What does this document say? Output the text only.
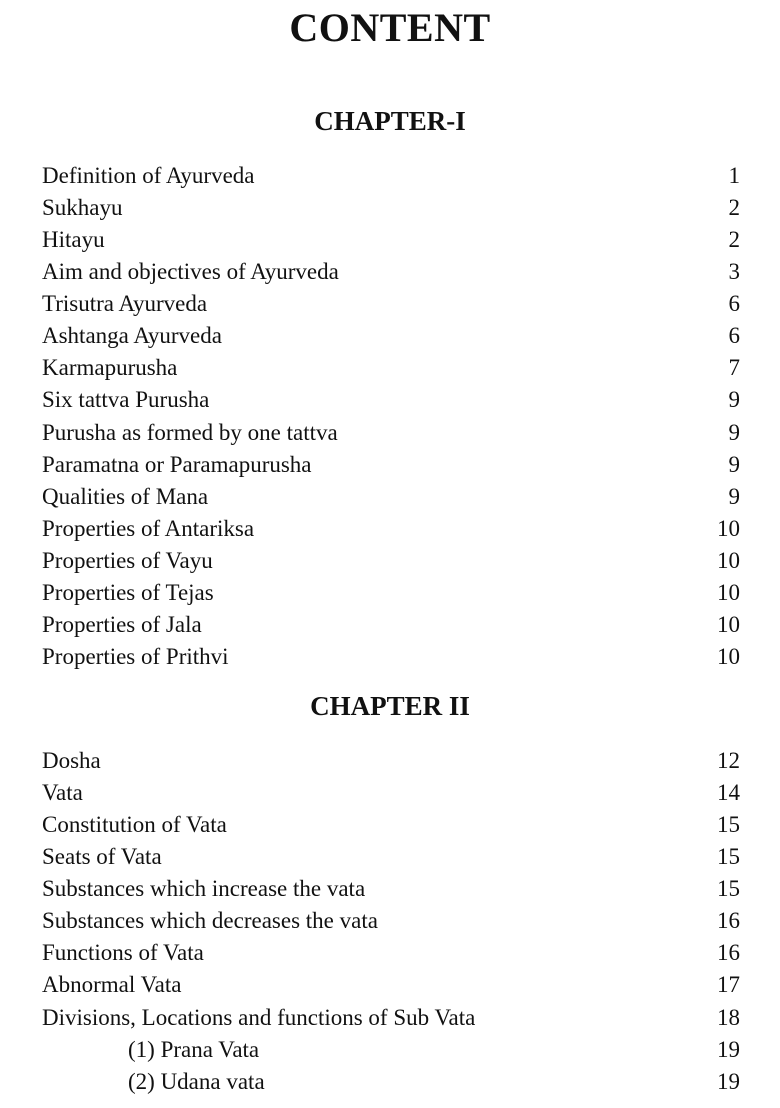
CONTENT
CHAPTER-I
Definition of Ayurveda	1
Sukhayu	2
Hitayu	2
Aim and objectives of Ayurveda	3
Trisutra Ayurveda	6
Ashtanga Ayurveda	6
Karmapurusha	7
Six tattva Purusha	9
Purusha as formed by one tattva	9
Paramatna or Paramapurusha	9
Qualities of Mana	9
Properties of Antariksa	10
Properties of Vayu	10
Properties of Tejas	10
Properties of Jala	10
Properties of Prithvi	10
CHAPTER II
Dosha	12
Vata	14
Constitution of Vata	15
Seats of Vata	15
Substances which increase the vata	15
Substances which decreases the vata	16
Functions of Vata	16
Abnormal Vata	17
Divisions, Locations and functions of Sub Vata	18
(1) Prana Vata	19
(2) Udana vata	19
